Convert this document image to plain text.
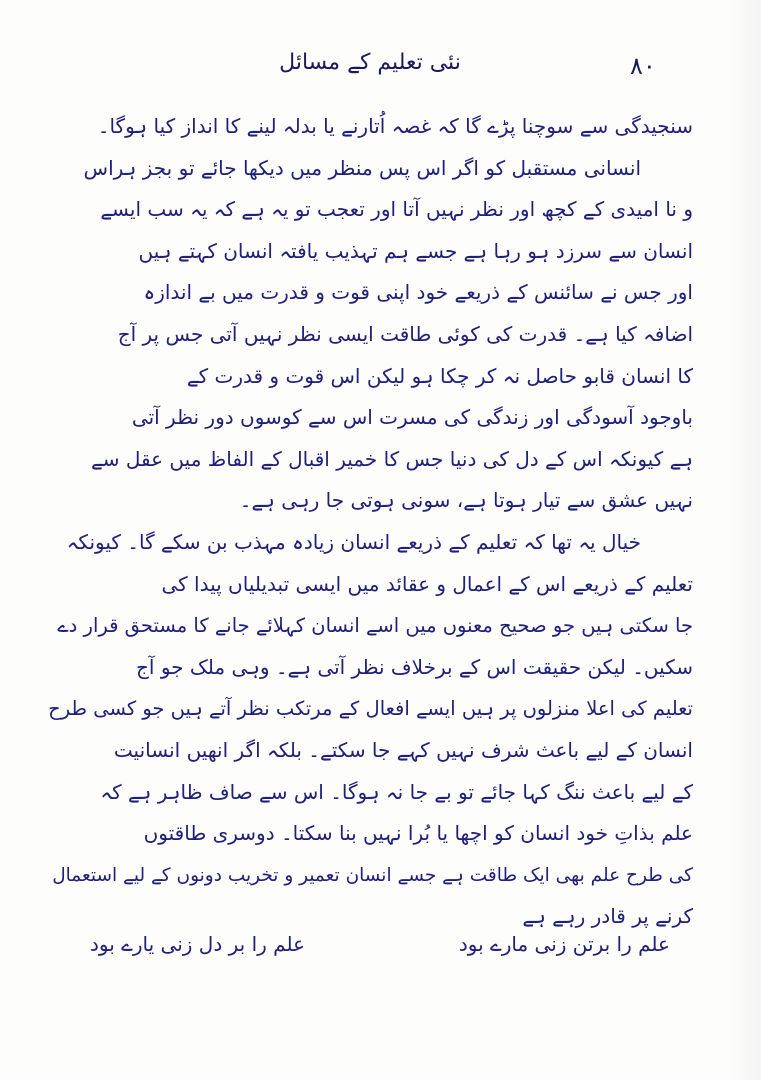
۸۰
نئی تعلیم کے مسائل
سنجیدگی سے سوچنا پڑے گا کہ غصہ اُتارنے یا بدلہ لینے کا انداز کیا ہوگا۔
انسانی مستقبل کو اگر اس پس منظر میں دیکھا جائے تو بجز ہراس
و نا امیدی کے کچھ اور نظر نہیں آتا اور تعجب تو یہ ہے کہ یہ سب ایسے
انسان سے سرزد ہو رہا ہے جسے ہم تہذیب یافتہ انسان کہتے ہیں
اور جس نے سائنس کے ذریعے خود اپنی قوت و قدرت میں بے اندازہ
اضافہ کیا ہے۔ قدرت کی کوئی طاقت ایسی نظر نہیں آتی جس پر آج
کا انسان قابو حاصل نہ کر چکا ہو لیکن اس قوت و قدرت کے
باوجود آسودگی اور زندگی کی مسرت اس سے کوسوں دور نظر آتی
ہے کیونکہ اس کے دل کی دنیا جس کا خمیر اقبال کے الفاظ میں عقل سے
نہیں عشق سے تیار ہوتا ہے، سونی ہوتی جا رہی ہے۔
خیال یہ تھا کہ تعلیم کے ذریعے انسان زیادہ مہذب بن سکے گا۔ کیونکہ
تعلیم کے ذریعے اس کے اعمال و عقائد میں ایسی تبدیلیاں پیدا کی
جا سکتی ہیں جو صحیح معنوں میں اسے انسان کہلائے جانے کا مستحق قرار دے
سکیں۔ لیکن حقیقت اس کے برخلاف نظر آتی ہے۔ وہی ملک جو آج
تعلیم کی اعلا منزلوں پر ہیں ایسے افعال کے مرتکب نظر آتے ہیں جو کسی طرح
انسان کے لیے باعث شرف نہیں کہے جا سکتے۔ بلکہ اگر انھیں انسانیت
کے لیے باعث ننگ کہا جائے تو بے جا نہ ہوگا۔ اس سے صاف ظاہر ہے کہ
علم بذاتِ خود انسان کو اچھا یا بُرا نہیں بنا سکتا۔ دوسری طاقتوں
کی طرح علم بھی ایک طاقت ہے جسے انسان تعمیر و تخریب دونوں کے لیے استعمال
کرنے پر قادر رہے ہے
علم را برتن زنی مارے بود
علم را بر دل زنی یارے بود
